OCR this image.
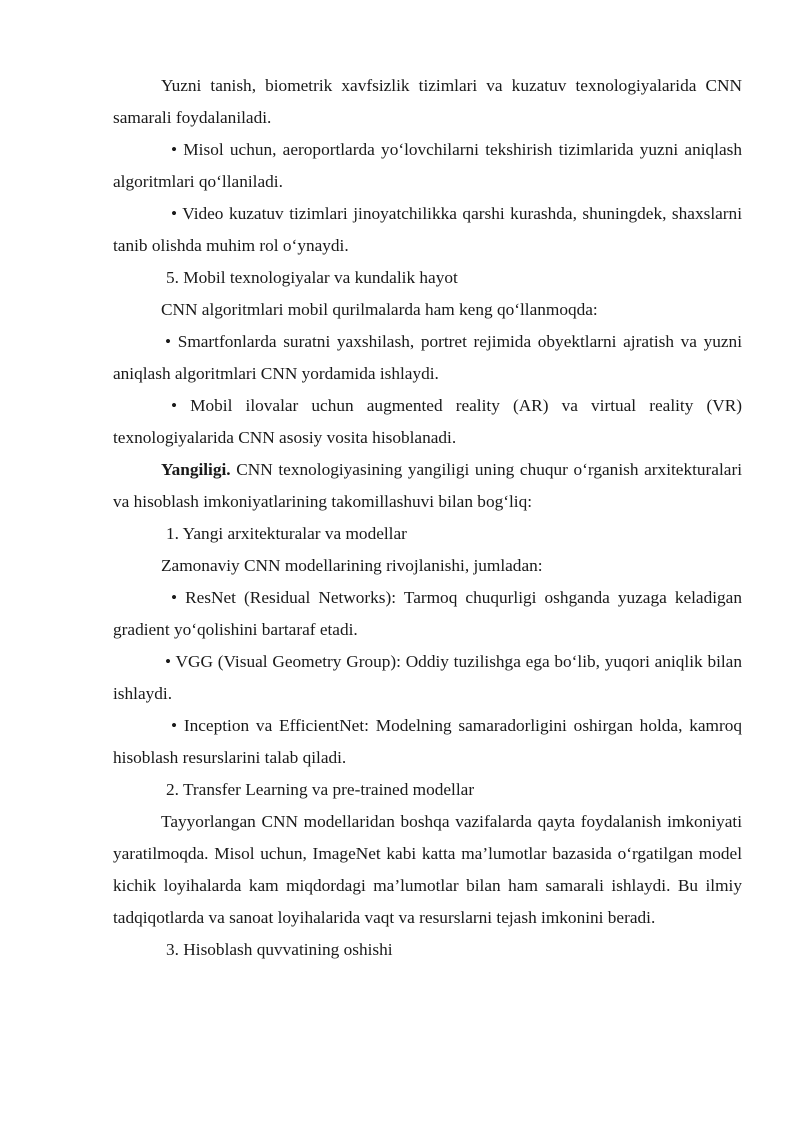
Yuzni tanish, biometrik xavfsizlik tizimlari va kuzatuv texnologiyalarida CNN samarali foydalaniladi.

• Misol uchun, aeroportlarda yo‘lovchilarni tekshirish tizimlarida yuzni aniqlash algoritmlari qo‘llaniladi.

• Video kuzatuv tizimlari jinoyatchilikka qarshi kurashda, shuningdek, shaxslarni tanib olishda muhim rol o‘ynaydi.

5. Mobil texnologiyalar va kundalik hayot

CNN algoritmlari mobil qurilmalarda ham keng qo‘llanmoqda:

• Smartfonlarda suratni yaxshilash, portret rejimida obyektlarni ajratish va yuzni aniqlash algoritmlari CNN yordamida ishlaydi.

• Mobil ilovalar uchun augmented reality (AR) va virtual reality (VR) texnologiyalarida CNN asosiy vosita hisoblanadi.

Yangiligi. CNN texnologiyasining yangiligi uning chuqur o‘rganish arxitekturalari va hisoblash imkoniyatlarining takomillashuvi bilan bog‘liq:

1. Yangi arxitekturalar va modellar

Zamonaviy CNN modellarining rivojlanishi, jumladan:

• ResNet (Residual Networks): Tarmoq chuqurligi oshganda yuzaga keladigan gradient yo‘qolishini bartaraf etadi.

• VGG (Visual Geometry Group): Oddiy tuzilishga ega bo‘lib, yuqori aniqlik bilan ishlaydi.

• Inception va EfficientNet: Modelning samaradorligini oshirgan holda, kamroq hisoblash resurslarini talab qiladi.

2. Transfer Learning va pre-trained modellar

Tayyorlangan CNN modellaridan boshqa vazifalarda qayta foydalanish imkoniyati yaratilmoqda. Misol uchun, ImageNet kabi katta ma’lumotlar bazasida o‘rgatilgan model kichik loyihalarda kam miqdordagi ma’lumotlar bilan ham samarali ishlaydi. Bu ilmiy tadqiqotlarda va sanoat loyihalarida vaqt va resurslarni tejash imkonini beradi.

3. Hisoblash quvvatining oshishi
